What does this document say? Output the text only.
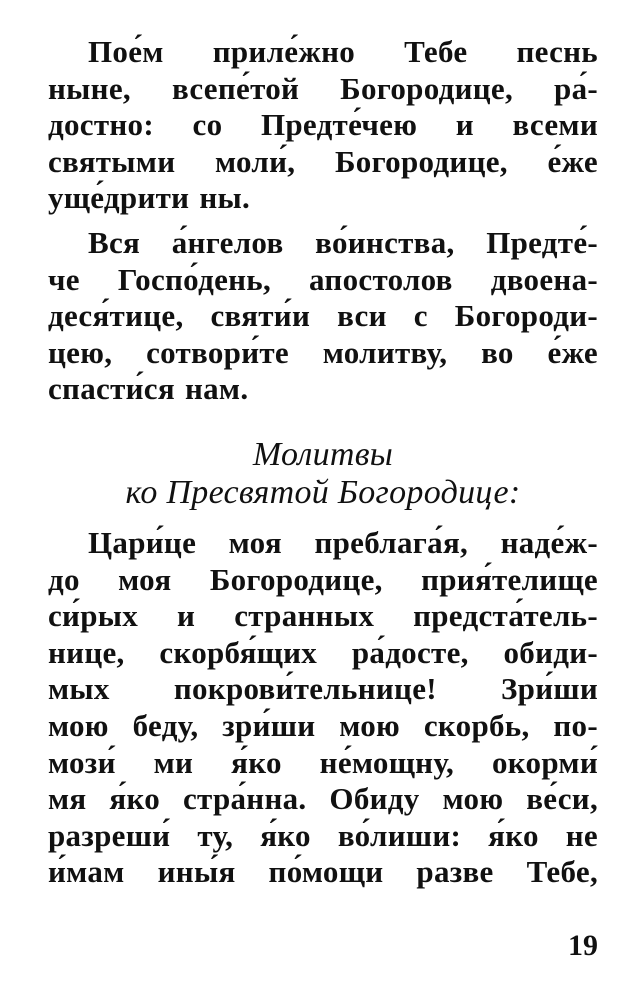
Пое́м приле́жно Тебе песнь
ныне, всепе́той Богородице, ра́-
достно: со Предте́чею и всеми
святыми моли́, Богородице, е́же
уще́дрити ны.
Вся а́нгелов во́инства, Предте́-
че Госпо́день, апостолов двоена-
деся́тице, святи́и вси с Богороди-
цею, сотвори́те молитву, во е́же
спасти́ся нам.
Молитвы
ко Пресвятой Богородице:
Цари́це моя преблага́я, наде́ж-
до моя Богородице, прия́телище
си́рых и странных предста́тель-
нице, скорбя́щих ра́досте, обиди-
мых покрови́тельнице! Зри́ши
мою беду, зри́ши мою скорбь, по-
мози́ ми я́ко не́мощну, окорми́
мя я́ко стра́нна. Обиду мою ве́си,
разреши́ ту, я́ко во́лиши: я́ко не
и́мам ины́я по́мощи разве Тебе,
19
